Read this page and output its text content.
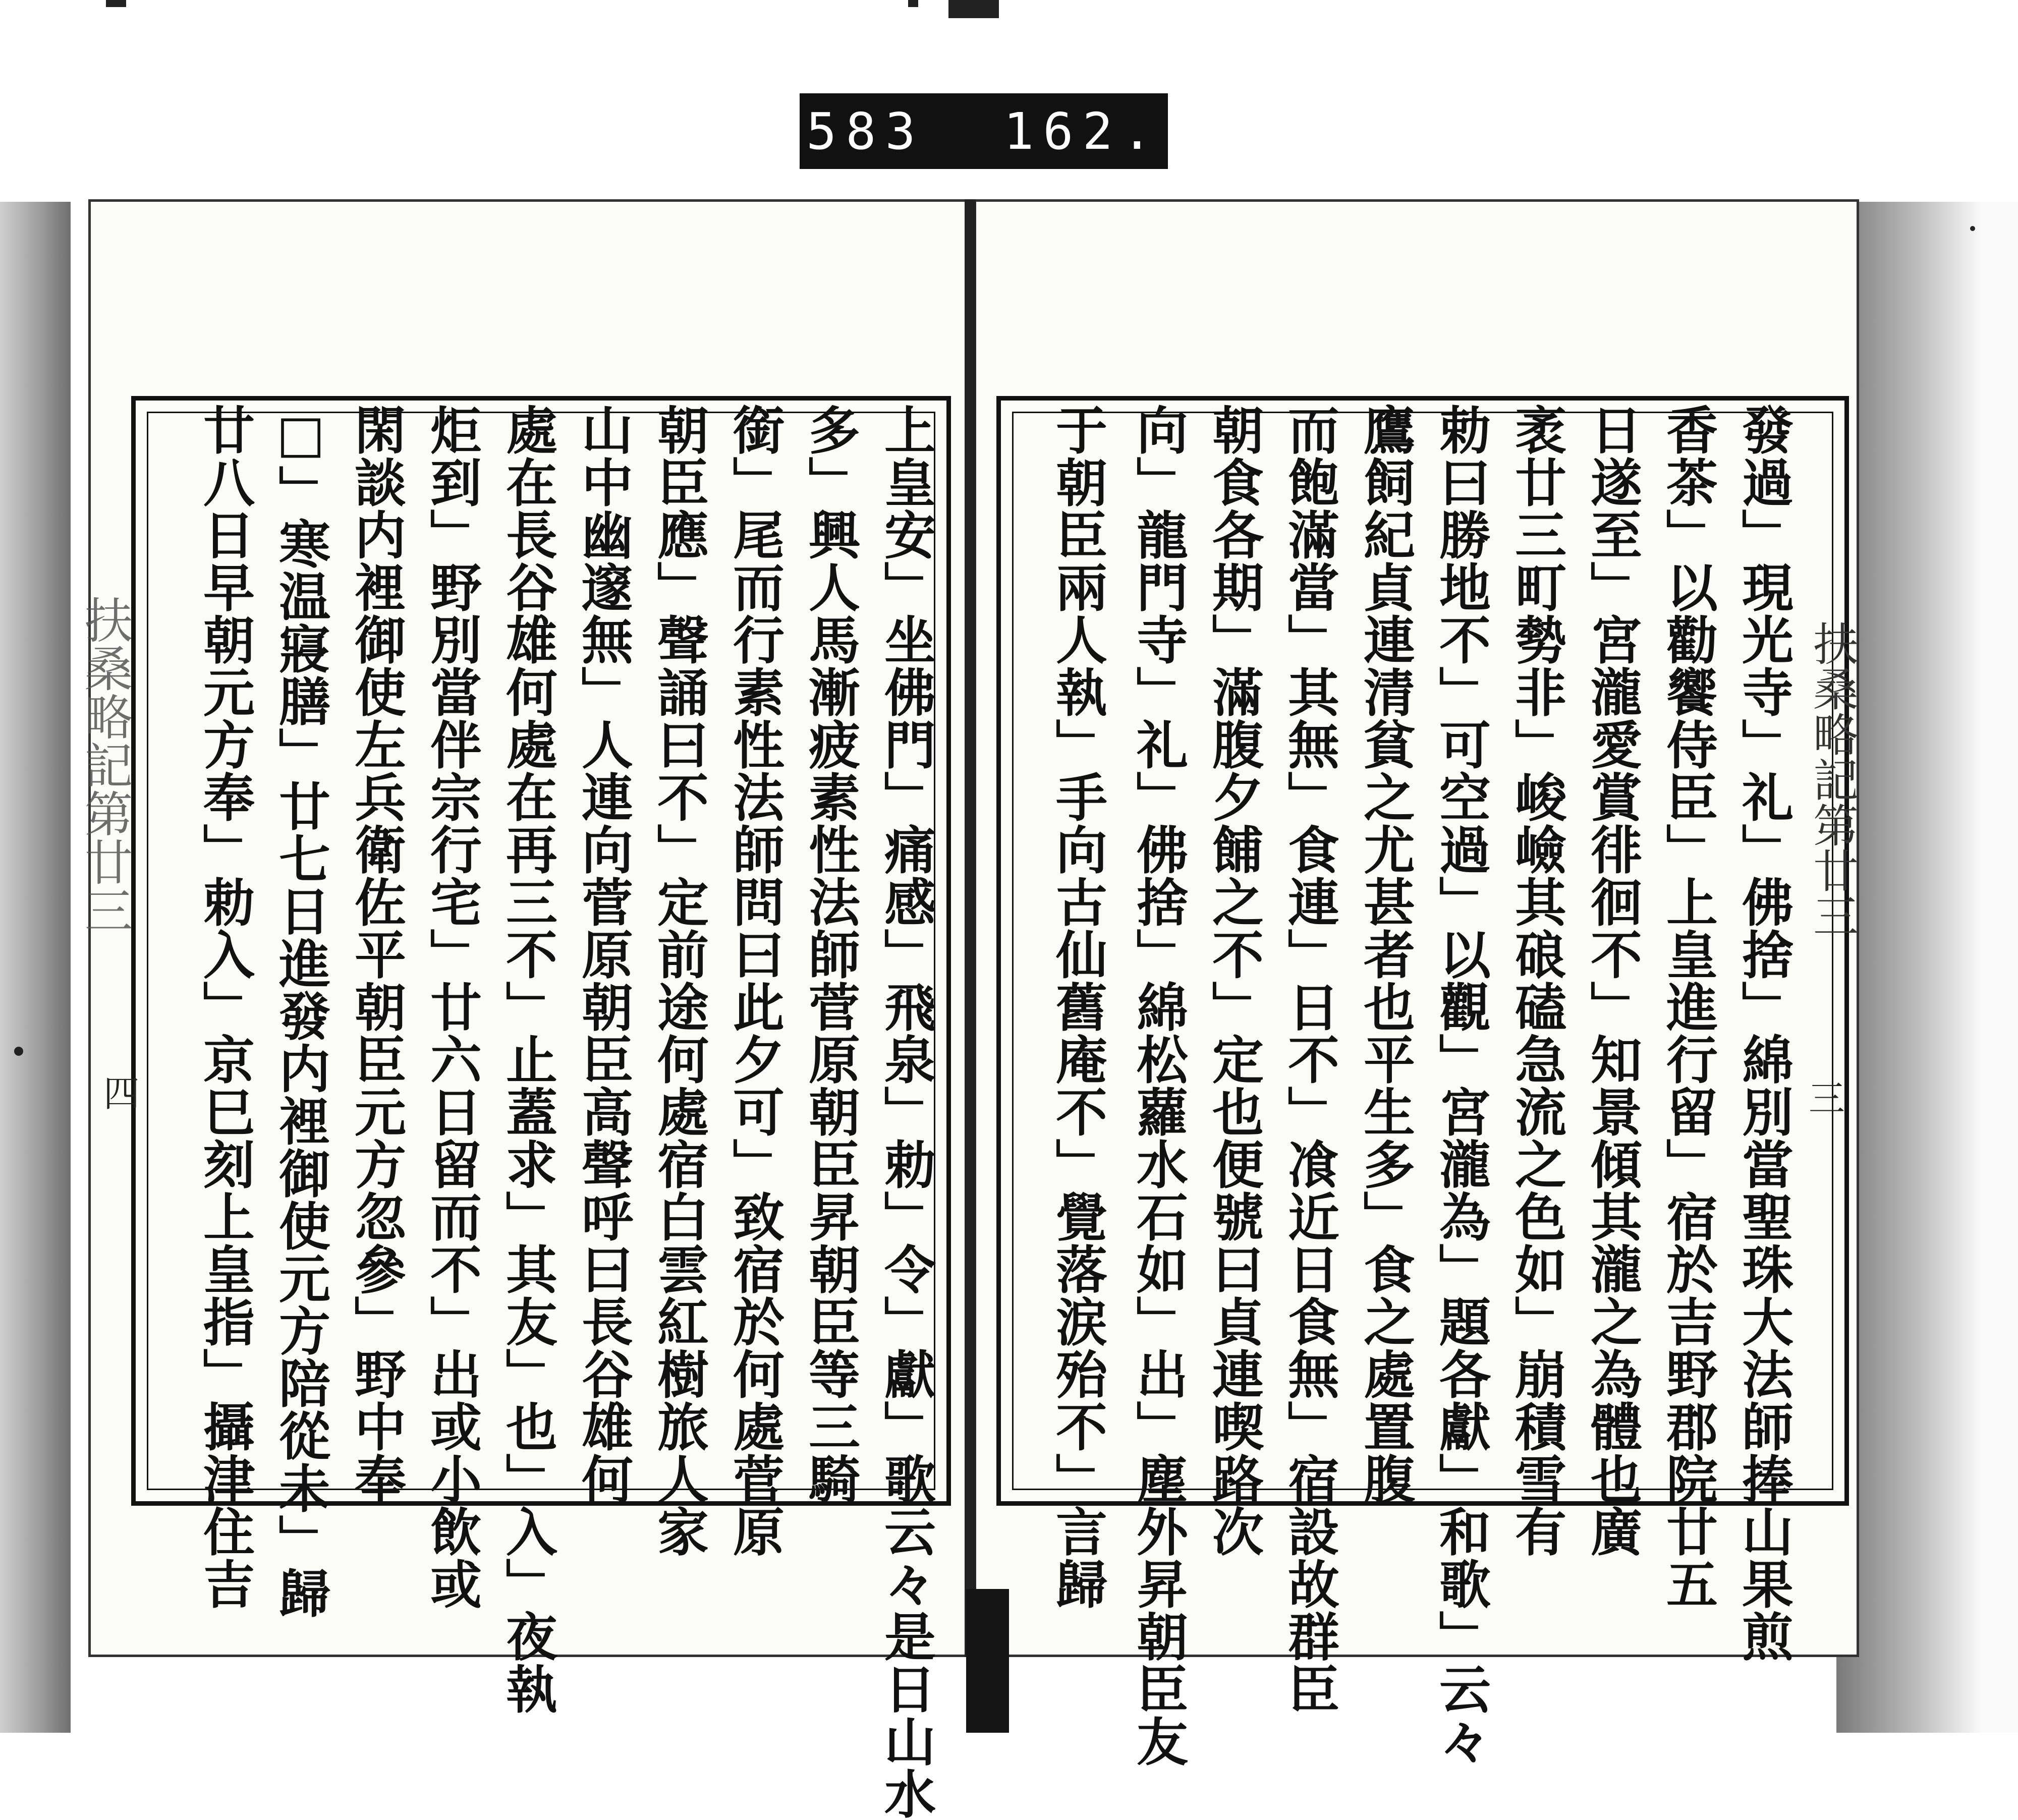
583  162.
扶桑略記第廿三	扶桑略記第廿三
三
發過」現光寺」礼」佛捨」綿別當聖珠大法師捧山果煎
香茶」以勸饗侍臣」上皇進行留」宿於吉野郡院廿五
日遂至」宮瀧愛賞徘徊不」知景傾其瀧之為體也廣
袤廿三町勢非」峻嶮其硠磕急流之色如」崩積雪有
勅曰勝地不」可空過」以觀」宮瀧為」題各獻」和歌」云々
鷹飼紀貞連清貧之尤甚者也平生多」食之處置腹
而飽滿當」其無」食連」日不」飡近日食無」宿設故群臣
朝食各期」滿腹夕餔之不」定也便號曰貞連喫路次
向」龍門寺」礼」佛捨」綿松蘿水石如」出」塵外昇朝臣友
于朝臣兩人執」手向古仙舊庵不」覺落涙殆不」言歸
四	上皇安」坐佛門」痛感」飛泉」勅」令」獻」歌云々是日山水
多」興人馬漸疲素性法師菅原朝臣昇朝臣等三騎
銜」尾而行素性法師問曰此夕可」致宿於何處菅原
朝臣應」聲誦曰不」定前途何處宿白雲紅樹旅人家
山中幽邃無」人連向菅原朝臣高聲呼曰長谷雄何
處在長谷雄何處在再三不」止蓋求」其友」也」入」夜執
炬到」野別當伴宗行宅」廿六日留而不」出或小飲或
閑談内裡御使左兵衛佐平朝臣元方忽參」野中奉
□」寒温寢膳」廿七日進發内裡御使元方陪從未」歸
廿八日早朝元方奉」勅入」京巳刻上皇指」攝津住吉
